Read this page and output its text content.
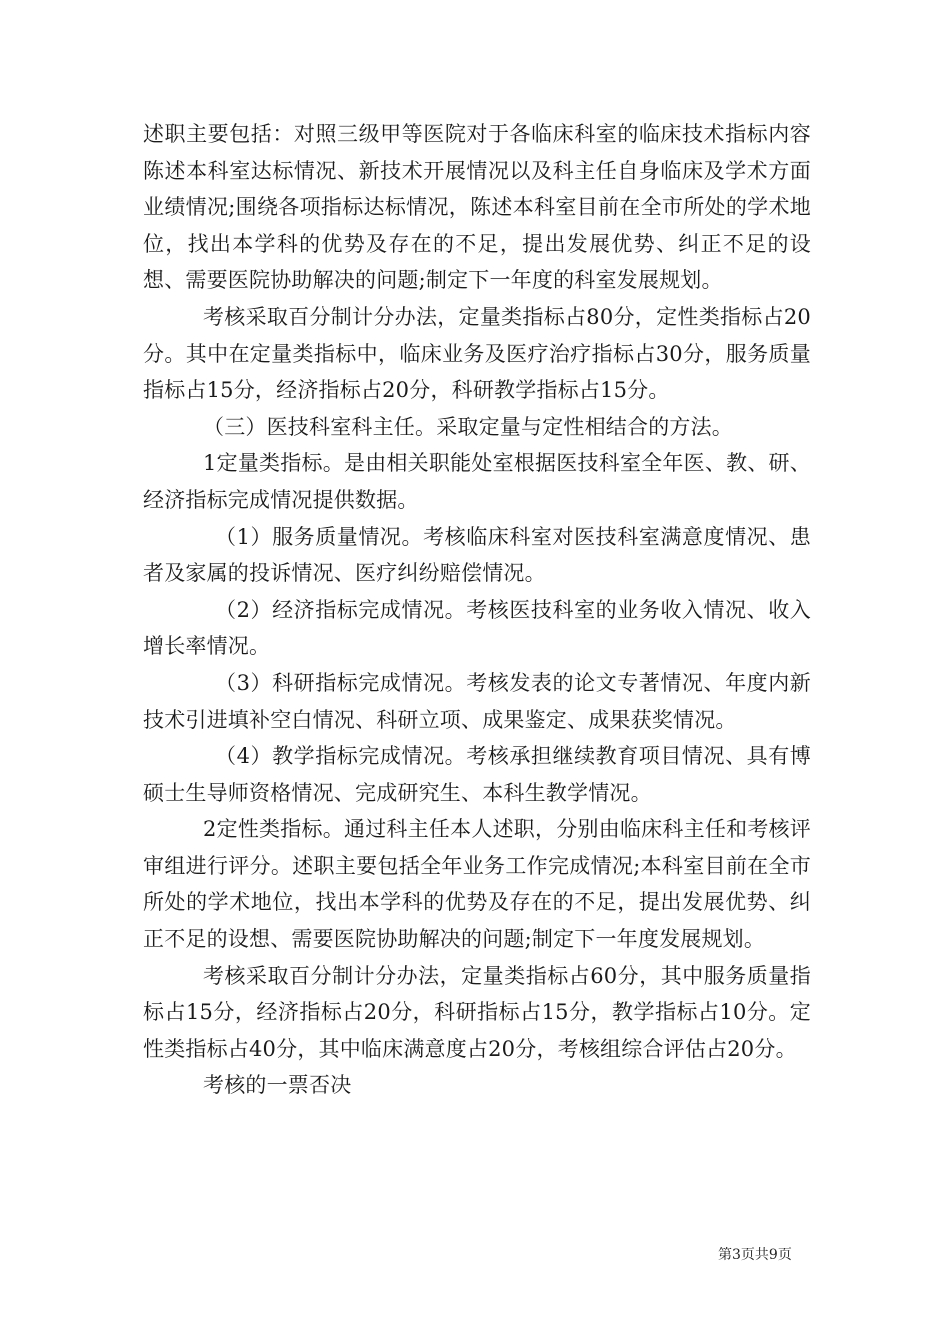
述职主要包括：对照三级甲等医院对于各临床科室的临床技术指标内容陈述本科室达标情况、新技术开展情况以及科主任自身临床及学术方面业绩情况;围绕各项指标达标情况，陈述本科室目前在全市所处的学术地位，找出本学科的优势及存在的不足，提出发展优势、纠正不足的设想、需要医院协助解决的问题;制定下一年度的科室发展规划。

考核采取百分制计分办法，定量类指标占80分，定性类指标占20分。其中在定量类指标中，临床业务及医疗治疗指标占30分，服务质量指标占15分，经济指标占20分，科研教学指标占15分。

（三）医技科室科主任。采取定量与定性相结合的方法。

1定量类指标。是由相关职能处室根据医技科室全年医、教、研、经济指标完成情况提供数据。

（1）服务质量情况。考核临床科室对医技科室满意度情况、患者及家属的投诉情况、医疗纠纷赔偿情况。

（2）经济指标完成情况。考核医技科室的业务收入情况、收入增长率情况。

（3）科研指标完成情况。考核发表的论文专著情况、年度内新技术引进填补空白情况、科研立项、成果鉴定、成果获奖情况。

（4）教学指标完成情况。考核承担继续教育项目情况、具有博硕士生导师资格情况、完成研究生、本科生教学情况。

2定性类指标。通过科主任本人述职，分别由临床科主任和考核评审组进行评分。述职主要包括全年业务工作完成情况;本科室目前在全市所处的学术地位，找出本学科的优势及存在的不足，提出发展优势、纠正不足的设想、需要医院协助解决的问题;制定下一年度发展规划。

考核采取百分制计分办法，定量类指标占60分，其中服务质量指标占15分，经济指标占20分，科研指标占15分，教学指标占10分。定性类指标占40分，其中临床满意度占20分，考核组综合评估占20分。

考核的一票否决

第3页共9页
